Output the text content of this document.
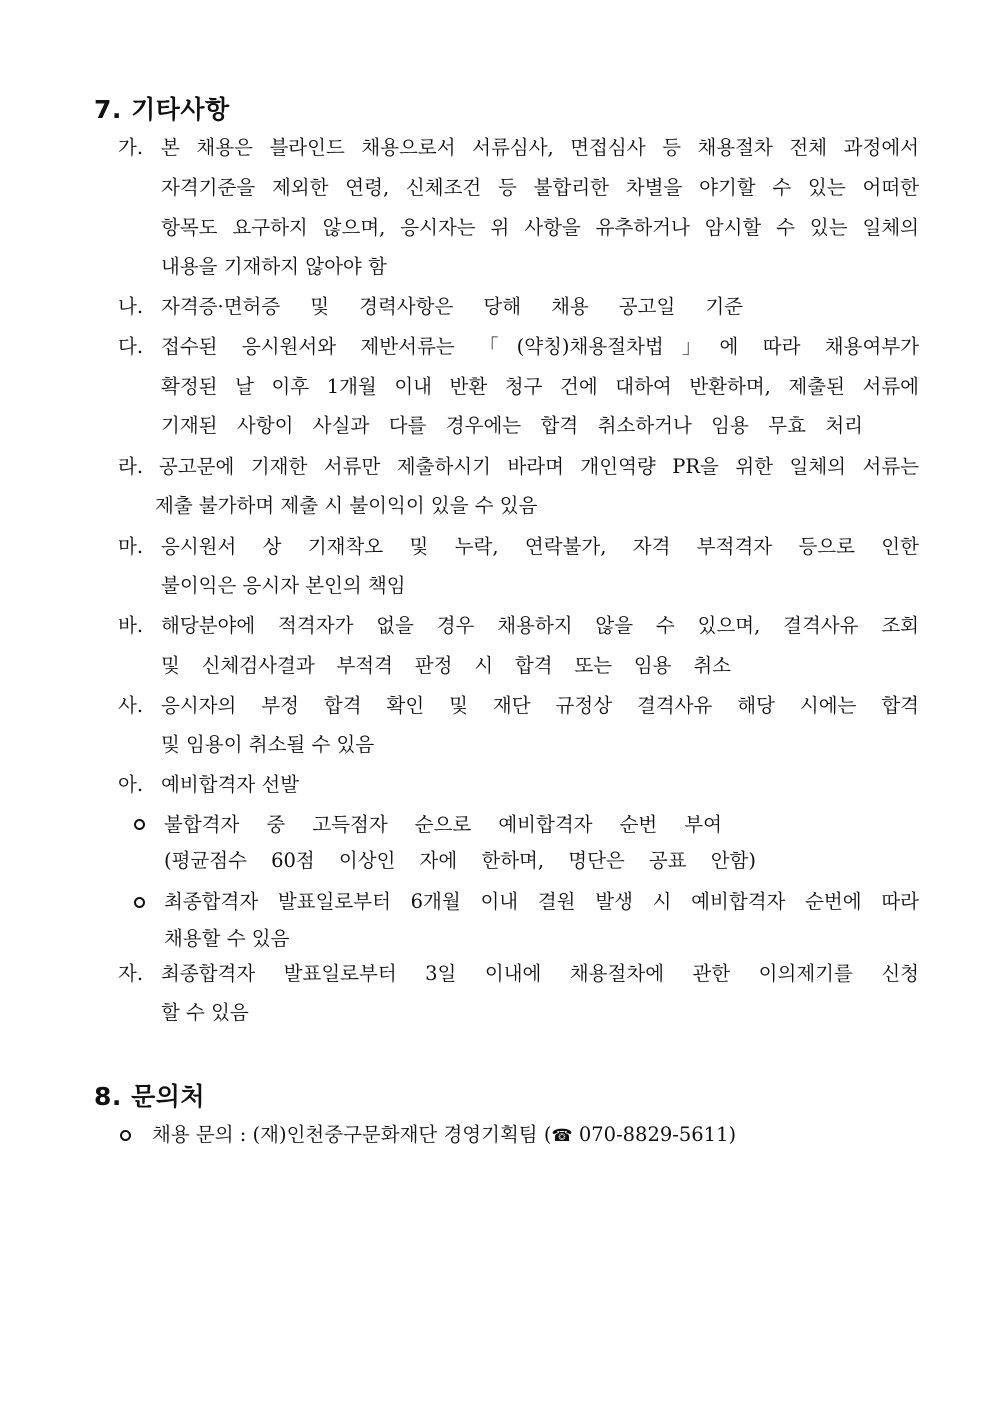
7. 기타사항
가. 본 채용은 블라인드 채용으로서 서류심사, 면접심사 등 채용절차 전체 과정에서
자격기준을 제외한 연령, 신체조건 등 불합리한 차별을 야기할 수 있는 어떠한
항목도 요구하지 않으며, 응시자는 위 사항을 유추하거나 암시할 수 있는 일체의
내용을 기재하지 않아야 함
나. 자격증·면허증 및 경력사항은 당해 채용 공고일 기준
다. 접수된 응시원서와 제반서류는 「(약칭)채용절차법」에 따라 채용여부가
확정된 날 이후 1개월 이내 반환 청구 건에 대하여 반환하며, 제출된 서류에
기재된 사항이 사실과 다를 경우에는 합격 취소하거나 임용 무효 처리
라. 공고문에 기재한 서류만 제출하시기 바라며 개인역량 PR을 위한 일체의 서류는
제출 불가하며 제출 시 불이익이 있을 수 있음
마. 응시원서 상 기재착오 및 누락, 연락불가, 자격 부적격자 등으로 인한
불이익은 응시자 본인의 책임
바. 해당분야에 적격자가 없을 경우 채용하지 않을 수 있으며, 결격사유 조회
및 신체검사결과 부적격 판정 시 합격 또는 임용 취소
사. 응시자의 부정 합격 확인 및 재단 규정상 결격사유 해당 시에는 합격
및 임용이 취소될 수 있음
아. 예비합격자 선발
불합격자 중 고득점자 순으로 예비합격자 순번 부여
(평균점수 60점 이상인 자에 한하며, 명단은 공표 안함)
최종합격자 발표일로부터 6개월 이내 결원 발생 시 예비합격자 순번에 따라
채용할 수 있음
자. 최종합격자 발표일로부터 3일 이내에 채용절차에 관한 이의제기를 신청
할 수 있음
8. 문의처
채용 문의 : (재)인천중구문화재단 경영기획팀 (☎ 070-8829-5611)
